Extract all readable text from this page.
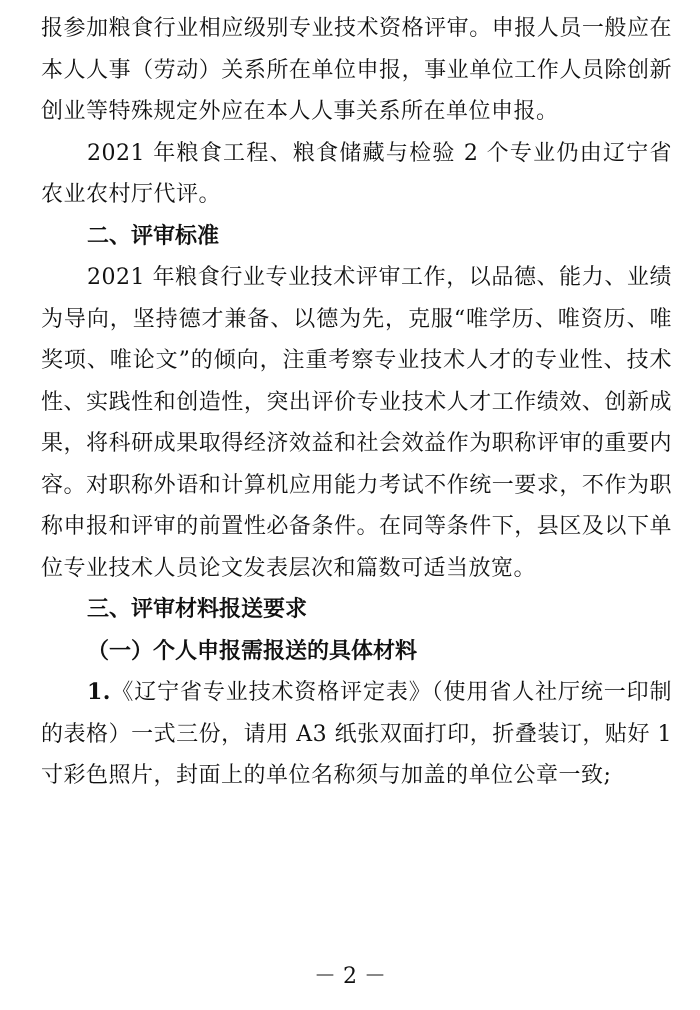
报参加粮食行业相应级别专业技术资格评审。申报人员一般应在本人人事（劳动）关系所在单位申报，事业单位工作人员除创新创业等特殊规定外应在本人人事关系所在单位申报。

2021 年粮食工程、粮食储藏与检验 2 个专业仍由辽宁省农业农村厅代评。

二、评审标准

2021 年粮食行业专业技术评审工作，以品德、能力、业绩为导向，坚持德才兼备、以德为先，克服“唯学历、唯资历、唯奖项、唯论文”的倾向，注重考察专业技术人才的专业性、技术性、实践性和创造性，突出评价专业技术人才工作绩效、创新成果，将科研成果取得经济效益和社会效益作为职称评审的重要内容。对职称外语和计算机应用能力考试不作统一要求，不作为职称申报和评审的前置性必备条件。在同等条件下，县区及以下单位专业技术人员论文发表层次和篇数可适当放宽。

三、评审材料报送要求

（一）个人申报需报送的具体材料

1.《辽宁省专业技术资格评定表》（使用省人社厅统一印制的表格）一式三份，请用 A3 纸张双面打印，折叠装订，贴好 1 寸彩色照片，封面上的单位名称须与加盖的单位公章一致;

－ 2 －
